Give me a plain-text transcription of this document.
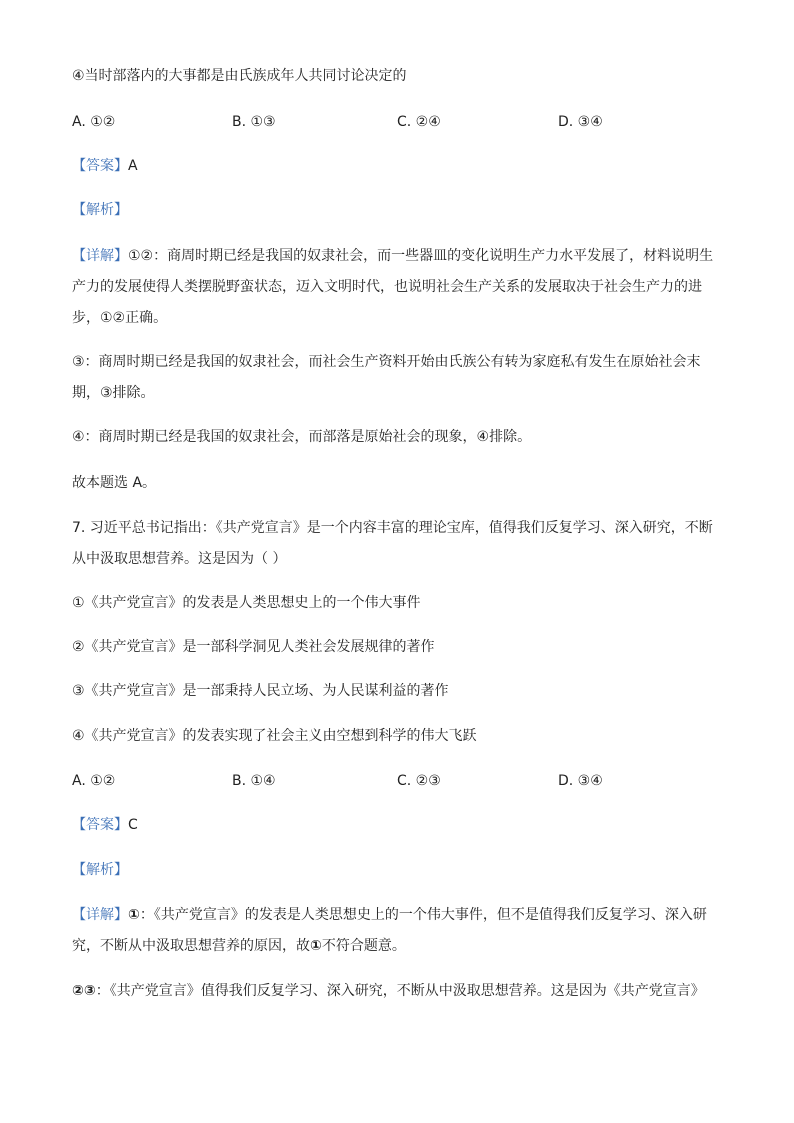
④当时部落内的大事都是由氏族成年人共同讨论决定的
A. ①②	B. ①③	C. ②④	D. ③④
【答案】A
【解析】
【详解】①②：商周时期已经是我国的奴隶社会，而一些器皿的变化说明生产力水平发展了，材料说明生
产力的发展使得人类摆脱野蛮状态，迈入文明时代，也说明社会生产关系的发展取决于社会生产力的进
步，①②正确。
③：商周时期已经是我国的奴隶社会，而社会生产资料开始由氏族公有转为家庭私有发生在原始社会末
期，③排除。
④：商周时期已经是我国的奴隶社会，而部落是原始社会的现象，④排除。
故本题选 A。
7. 习近平总书记指出：《共产党宣言》是一个内容丰富的理论宝库，值得我们反复学习、深入研究，不断
从中汲取思想营养。这是因为（ ）
①《共产党宣言》的发表是人类思想史上的一个伟大事件
②《共产党宣言》是一部科学洞见人类社会发展规律的著作
③《共产党宣言》是一部秉持人民立场、为人民谋利益的著作
④《共产党宣言》的发表实现了社会主义由空想到科学的伟大飞跃
A. ①②	B. ①④	C. ②③	D. ③④
【答案】C
【解析】
【详解】①：《共产党宣言》的发表是人类思想史上的一个伟大事件，但不是值得我们反复学习、深入研
究，不断从中汲取思想营养的原因，故①不符合题意。
②③：《共产党宣言》值得我们反复学习、深入研究，不断从中汲取思想营养。这是因为《共产党宣言》
